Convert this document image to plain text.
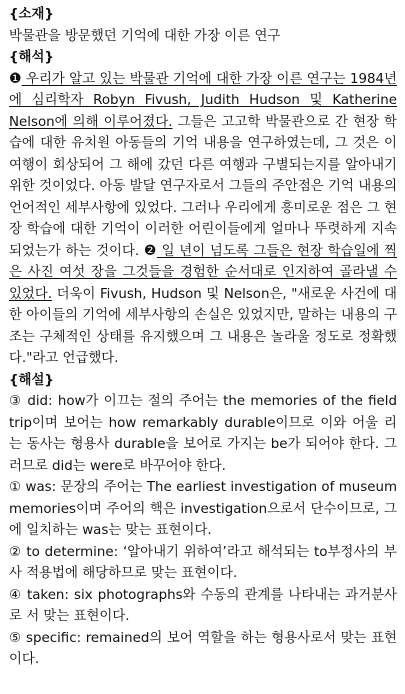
{소재}

박물관을 방문했던 기억에 대한 가장 이른 연구

{해석}

❶ 우리가 알고 있는 박물관 기억에 대한 가장 이른 연구는 1984년에 심리학자 Robyn Fivush, Judith Hudson 및 Katherine Nelson에 의해 이루어졌다. 그들은 고고학 박물관으로 간 현장 학습에 대한 유치원 아동들의 기억 내용을 연구하였는데, 그 것은 이 여행이 회상되어 그 해에 갔던 다른 여행과 구별되는지를 알아내기 위한 것이었다. 아동 발달 연구자로서 그들의 주안점은 기억 내용의 언어적인 세부사항에 있었다. 그러나 우리에게 흥미로운 점은 그 현장 학습에 대한 기억이 이러한 어린이들에게 얼마나 뚜렷하게 지속되었는가 하는 것이다. ❷ 일 년이 넘도록 그들은 현장 학습일에 찍은 사진 여섯 장을 그것들을 경험한 순서대로 인지하여 골라낼 수 있었다. 더욱이 Fivush, Hudson 및 Nelson은, "새로운 사건에 대한 아이들의 기억에 세부사항의 손실은 있었지만, 말하는 내용의 구조는 구체적인 상태를 유지했으며 그 내용은 놀라울 정도로 정확했다."라고 언급했다.

{해설}

③ did: how가 이끄는 절의 주어는 the memories of the field trip이며 보어는 how remarkably durable이므로 이와 어울 리는 동사는 형용사 durable을 보어로 가지는 be가 되어야 한다. 그러므로 did는 were로 바꾸어야 한다.

① was: 문장의 주어는 The earliest investigation of museum memories이며 주어의 핵은 investigation으로서 단수이므로, 그에 일치하는 was는 맞는 표현이다.

② to determine: ‘알아내기 위하여’라고 해석되는 to부정사의 부사 적용법에 해당하므로 맞는 표현이다.

④ taken: six photographs와 수동의 관계를 나타내는 과거분사로 서 맞는 표현이다.

⑤ specific: remained의 보어 역할을 하는 형용사로서 맞는 표현 이다.
